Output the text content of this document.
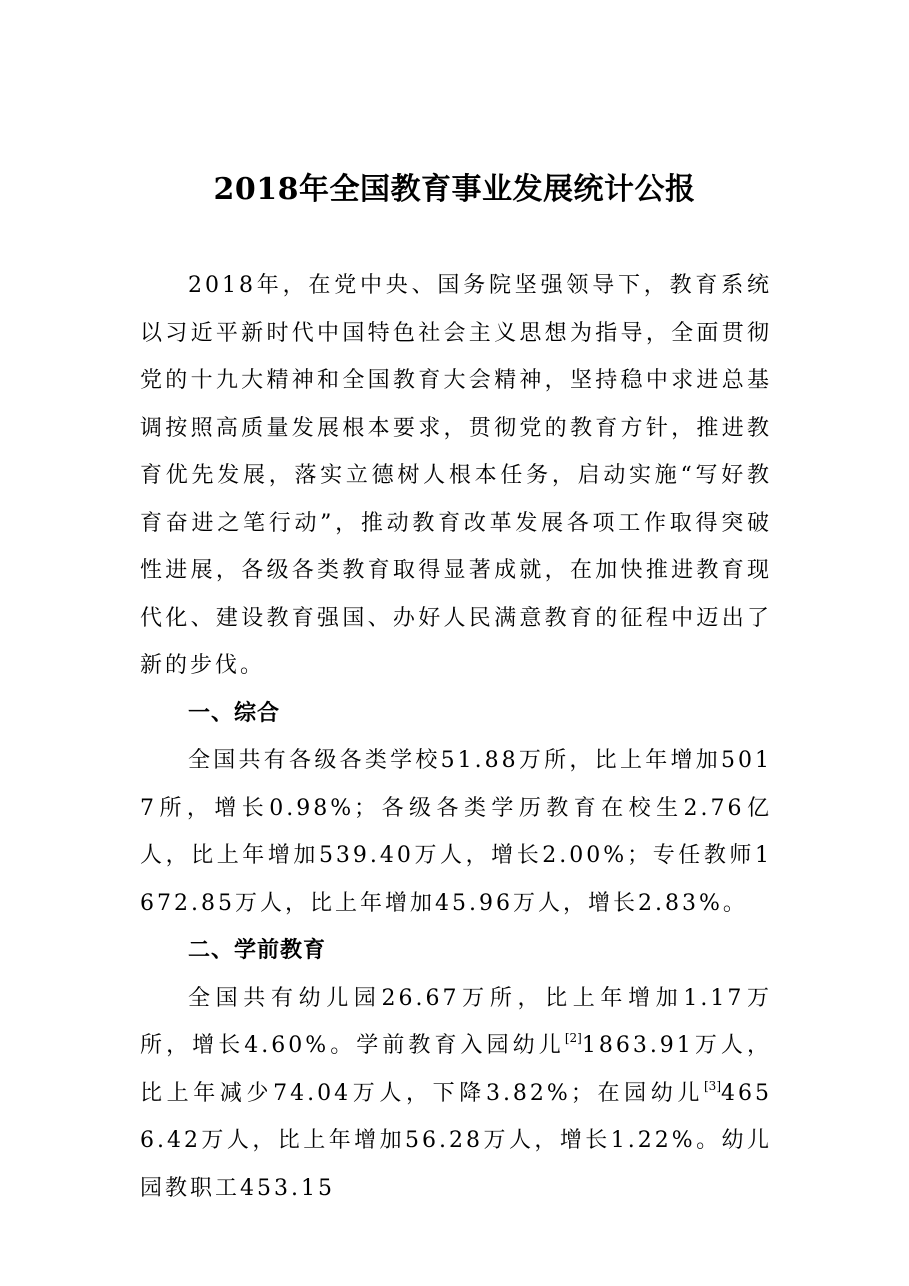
2018年全国教育事业发展统计公报

2018年，在党中央、国务院坚强领导下，教育系统以习近平新时代中国特色社会主义思想为指导，全面贯彻党的十九大精神和全国教育大会精神，坚持稳中求进总基调按照高质量发展根本要求，贯彻党的教育方针，推进教育优先发展，落实立德树人根本任务，启动实施“写好教育奋进之笔行动”，推动教育改革发展各项工作取得突破性进展，各级各类教育取得显著成就，在加快推进教育现代化、建设教育强国、办好人民满意教育的征程中迈出了新的步伐。

一、综合

全国共有各级各类学校51.88万所，比上年增加5017所，增长0.98%；各级各类学历教育在校生2.76亿人，比上年增加539.40万人，增长2.00%；专任教师1672.85万人，比上年增加45.96万人，增长2.83%。

二、学前教育

全国共有幼儿园26.67万所，比上年增加1.17万所，增长4.60%。学前教育入园幼儿[2]1863.91万人，比上年减少74.04万人，下降3.82%；在园幼儿[3]4656.42万人，比上年增加56.28万人，增长1.22%。幼儿园教职工453.15
